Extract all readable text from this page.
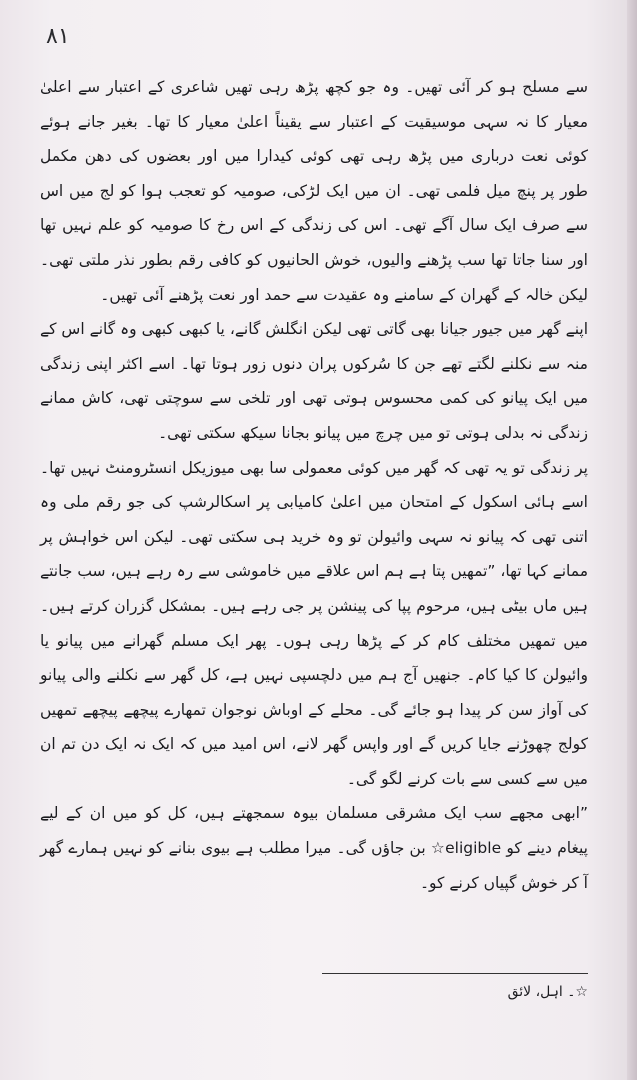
٨١

سے مسلح ہو کر آئی تھیں۔ وہ جو کچھ پڑھ رہی تھیں شاعری کے اعتبار سے اعلیٰ معیار کا نہ سہی موسیقیت کے اعتبار سے یقیناً اعلیٰ معیار کا تھا۔ بغیر جانے ہوئے کوئی نعت درباری میں پڑھ رہی تھی کوئی کیدارا میں اور بعضوں کی دھن مکمل طور پر پنچ میل فلمی تھی۔ ان میں ایک لڑکی، صومیہ کو تعجب ہوا کو لج میں اس سے صرف ایک سال آگے تھی۔ اس کی زندگی کے اس رخ کا صومیہ کو علم نہیں تھا اور سنا جاتا تھا سب پڑھنے والیوں، خوش الحانیوں کو کافی رقم بطور نذر ملتی تھی۔ لیکن خالہ کے گھران کے سامنے وہ عقیدت سے حمد اور نعت پڑھنے آئی تھیں۔

اپنے گھر میں جیور جیانا بھی گاتی تھی لیکن انگلش گانے، یا کبھی کبھی وہ گانے اس کے منہ سے نکلنے لگتے تھے جن کا سُرکوں پران دنوں زور ہوتا تھا۔ اسے اکثر اپنی زندگی میں ایک پیانو کی کمی محسوس ہوتی تھی اور تلخی سے سوچتی تھی، کاش ممانے زندگی نہ بدلی ہوتی تو میں چرچ میں پیانو بجانا سیکھ سکتی تھی۔

پر زندگی تو یہ تھی کہ گھر میں کوئی معمولی سا بھی میوزیکل انسٹرومنٹ نہیں تھا۔ اسے ہائی اسکول کے امتحان میں اعلیٰ کامیابی پر اسکالرشپ کی جو رقم ملی وہ اتنی تھی کہ پیانو نہ سہی وائیولن تو وہ خرید ہی سکتی تھی۔ لیکن اس خواہش پر ممانے کہا تھا، ”تمھیں پتا ہے ہم اس علاقے میں خاموشی سے رہ رہے ہیں، سب جانتے ہیں ماں بیٹی ہیں، مرحوم پپا کی پینشن پر جی رہے ہیں۔ بمشکل گزران کرتے ہیں۔ میں تمھیں مختلف کام کر کے پڑھا رہی ہوں۔ پھر ایک مسلم گھرانے میں پیانو یا وائیولن کا کیا کام۔ جنھیں آج ہم میں دلچسپی نہیں ہے، کل گھر سے نکلنے والی پیانو کی آواز سن کر پیدا ہو جائے گی۔ محلے کے اوباش نوجوان تمھارے پیچھے پیچھے تمھیں کولج چھوڑنے جایا کریں گے اور واپس گھر لانے، اس امید میں کہ ایک نہ ایک دن تم ان میں سے کسی سے بات کرنے لگو گی۔

”ابھی مجھے سب ایک مشرقی مسلمان بیوہ سمجھتے ہیں، کل کو میں ان کے لیے پیغام دینے کو eligible☆ بن جاؤں گی۔ میرا مطلب ہے بیوی بنانے کو نہیں ہمارے گھر آ کر خوش گپیاں کرنے کو۔

☆۔ اہل، لائق
